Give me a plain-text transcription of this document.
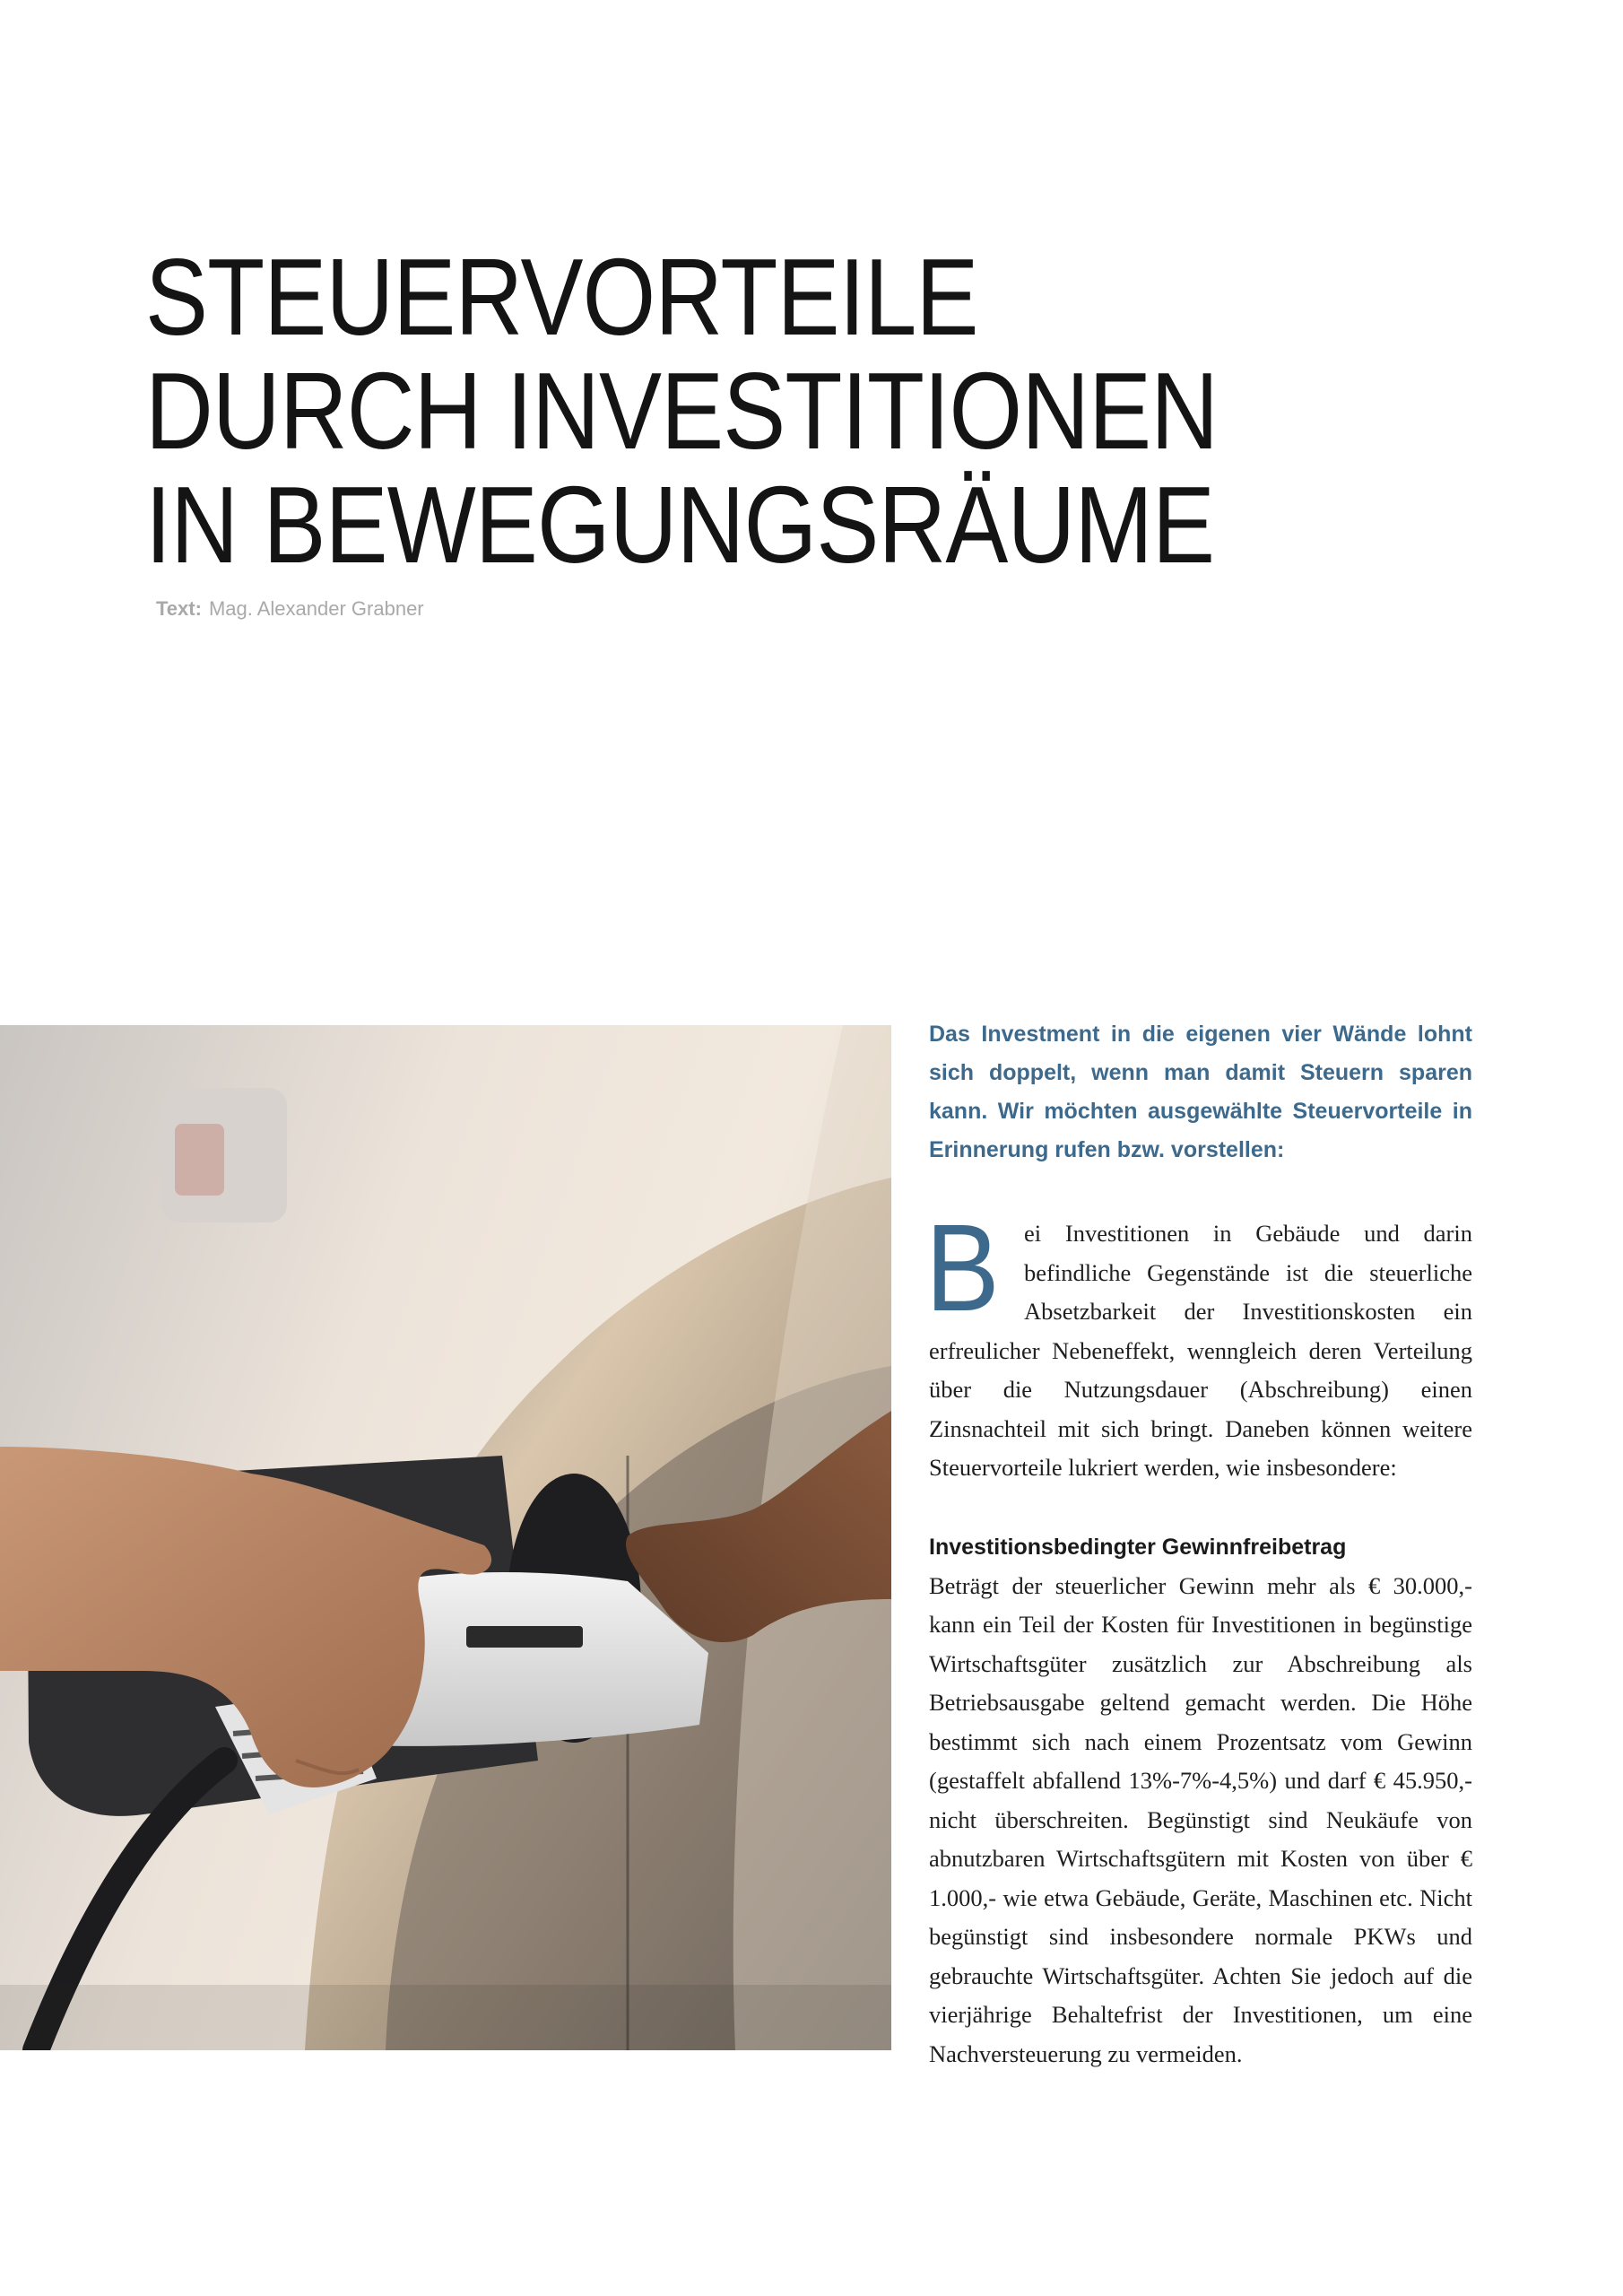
STEUERVORTEILE
DURCH INVESTITIONEN
IN BEWEGUNGSRÄUME
Text: Mag. Alexander Grabner

Das Investment in die eigenen vier Wände lohnt sich doppelt, wenn man damit Steuern sparen kann. Wir möchten ausgewählte Steuervorteile in Erinnerung rufen bzw. vorstellen:

B ei Investitionen in Gebäude und darin befindliche Gegenstände ist die steuerliche Absetzbarkeit der Investitionskosten ein erfreulicher Nebeneffekt, wenngleich deren Verteilung über die Nutzungsdauer (Abschreibung) einen Zinsnachteil mit sich bringt. Daneben können weitere Steuervorteile lukriert werden, wie insbesondere:
Investitionsbedingter Gewinnfreibetrag

Beträgt der steuerlicher Gewinn mehr als € 30.000,- kann ein Teil der Kosten für Investitionen in begünstige Wirtschaftsgüter zusätzlich zur Abschreibung als Betriebsausgabe geltend gemacht werden. Die Höhe bestimmt sich nach einem Prozentsatz vom Gewinn (gestaffelt abfallend 13%-7%-4,5%) und darf € 45.950,- nicht überschreiten. Begünstigt sind Neukäufe von abnutzbaren Wirtschaftsgütern mit Kosten von über € 1.000,- wie etwa Gebäude, Geräte, Maschinen etc. Nicht begünstigt sind insbesondere normale PKWs und gebrauchte Wirtschaftsgüter. Achten Sie jedoch auf die vierjährige Behaltefrist der Investitionen, um eine Nachversteuerung zu vermeiden.
